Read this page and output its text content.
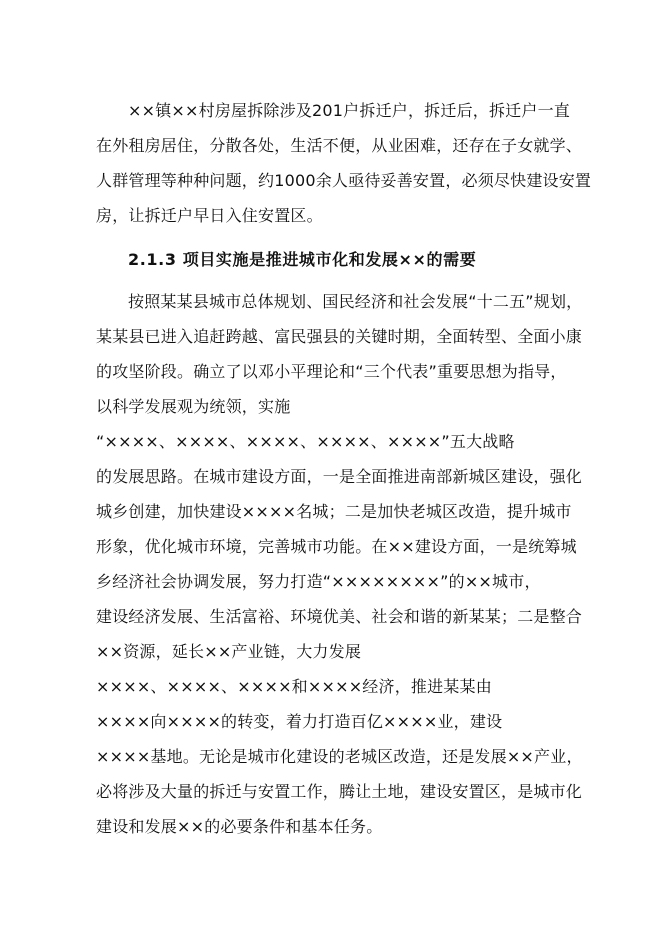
××镇××村房屋拆除涉及201户拆迁户，拆迁后，拆迁户一直
在外租房居住，分散各处，生活不便，从业困难，还存在子女就学、
人群管理等种种问题，约1000余人亟待妥善安置，必须尽快建设安置
房，让拆迁户早日入住安置区。
2.1.3 项目实施是推进城市化和发展××的需要
按照某某县城市总体规划、国民经济和社会发展“十二五”规划，
某某县已进入追赶跨越、富民强县的关键时期，全面转型、全面小康
的攻坚阶段。确立了以邓小平理论和“三个代表”重要思想为指导，
以科学发展观为统领，实施
“××××、××××、××××、××××、××××”五大战略
的发展思路。在城市建设方面，一是全面推进南部新城区建设，强化
城乡创建，加快建设××××名城；二是加快老城区改造，提升城市
形象，优化城市环境，完善城市功能。在××建设方面，一是统筹城
乡经济社会协调发展，努力打造“××××××××”的××城市，
建设经济发展、生活富裕、环境优美、社会和谐的新某某；二是整合
××资源，延长××产业链，大力发展
××××、××××、××××和××××经济，推进某某由
××××向××××的转变，着力打造百亿××××业，建设
××××基地。无论是城市化建设的老城区改造，还是发展××产业，
必将涉及大量的拆迁与安置工作，腾让土地，建设安置区，是城市化
建设和发展××的必要条件和基本任务。
